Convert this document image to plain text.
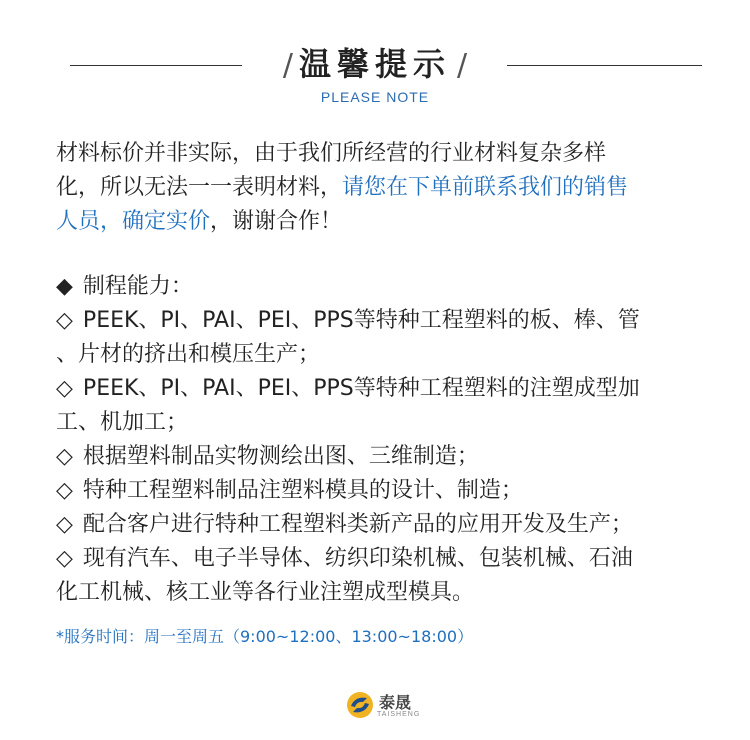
/ 温馨提示 /
PLEASE NOTE
材料标价并非实际，由于我们所经营的行业材料复杂多样
化，所以无法一一表明材料，请您在下单前联系我们的销售
人员，确定实价，谢谢合作！
◆ 制程能力：
◇ PEEK、PI、PAI、PEI、PPS等特种工程塑料的板、棒、管
、片材的挤出和模压生产；
◇ PEEK、PI、PAI、PEI、PPS等特种工程塑料的注塑成型加
工、机加工；
◇ 根据塑料制品实物测绘出图、三维制造；
◇ 特种工程塑料制品注塑料模具的设计、制造；
◇ 配合客户进行特种工程塑料类新产品的应用开发及生产；
◇ 现有汽车、电子半导体、纺织印染机械、包装机械、石油
化工机械、核工业等各行业注塑成型模具。
*服务时间：周一至周五（9:00~12:00、13:00~18:00）
泰晟
TAISHENG
